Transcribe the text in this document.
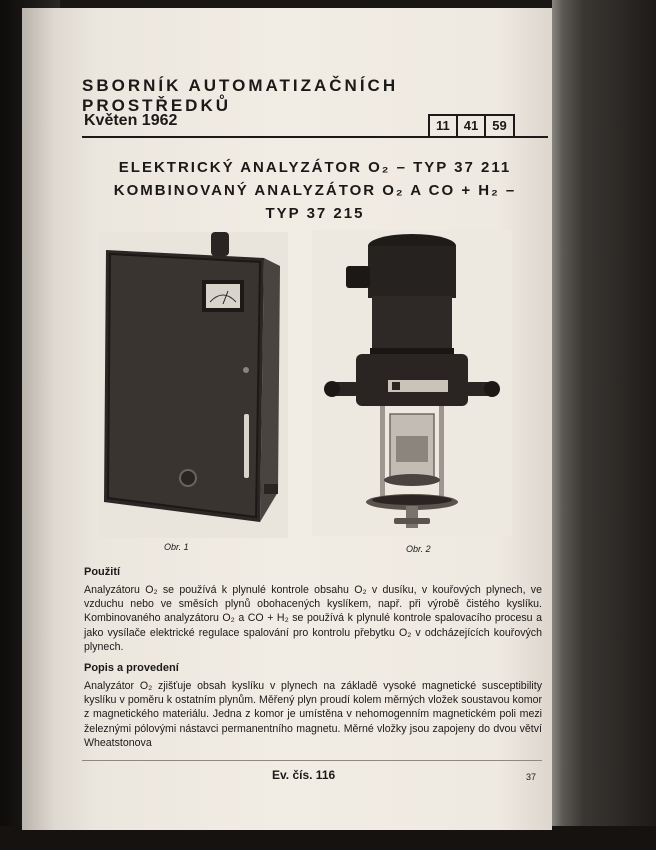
SBORNÍK AUTOMATIZAČNÍCH PROSTŘEDKŮ
Květen 1962	11	41	59
ELEKTRICKÝ ANALYZÁTOR O₂ – TYP 37 211
KOMBINOVANÝ ANALYZÁTOR O₂ A CO + H₂ –
TYP 37 215
Obr. 1	Obr. 2
Použití
Analyzátoru O₂ se používá k plynulé kontrole obsahu O₂ v dusíku, v kouřových plynech, ve vzduchu nebo ve směsích plynů obohacených kyslíkem, např. při výrobě čistého kyslíku. Kombinovaného analyzátoru O₂ a CO + H₂ se používá k plynulé kontrole spalovacího procesu a jako vysílače elektrické regulace spalování pro kontrolu přebytku O₂ v odcházejících kouřových plynech.
Popis a provedení
Analyzátor O₂ zjišťuje obsah kyslíku v plynech na základě vysoké magnetické susceptibility kyslíku v poměru k ostatním plynům. Měřený plyn proudí kolem měrných vložek soustavou komor z magnetického materiálu. Jedna z komor je umístěna v nehomogenním magnetickém poli mezi železnými pólovými nástavci permanentního magnetu. Měrné vložky jsou zapojeny do dvou větví Wheatstonova
Ev. čís. 116	37
